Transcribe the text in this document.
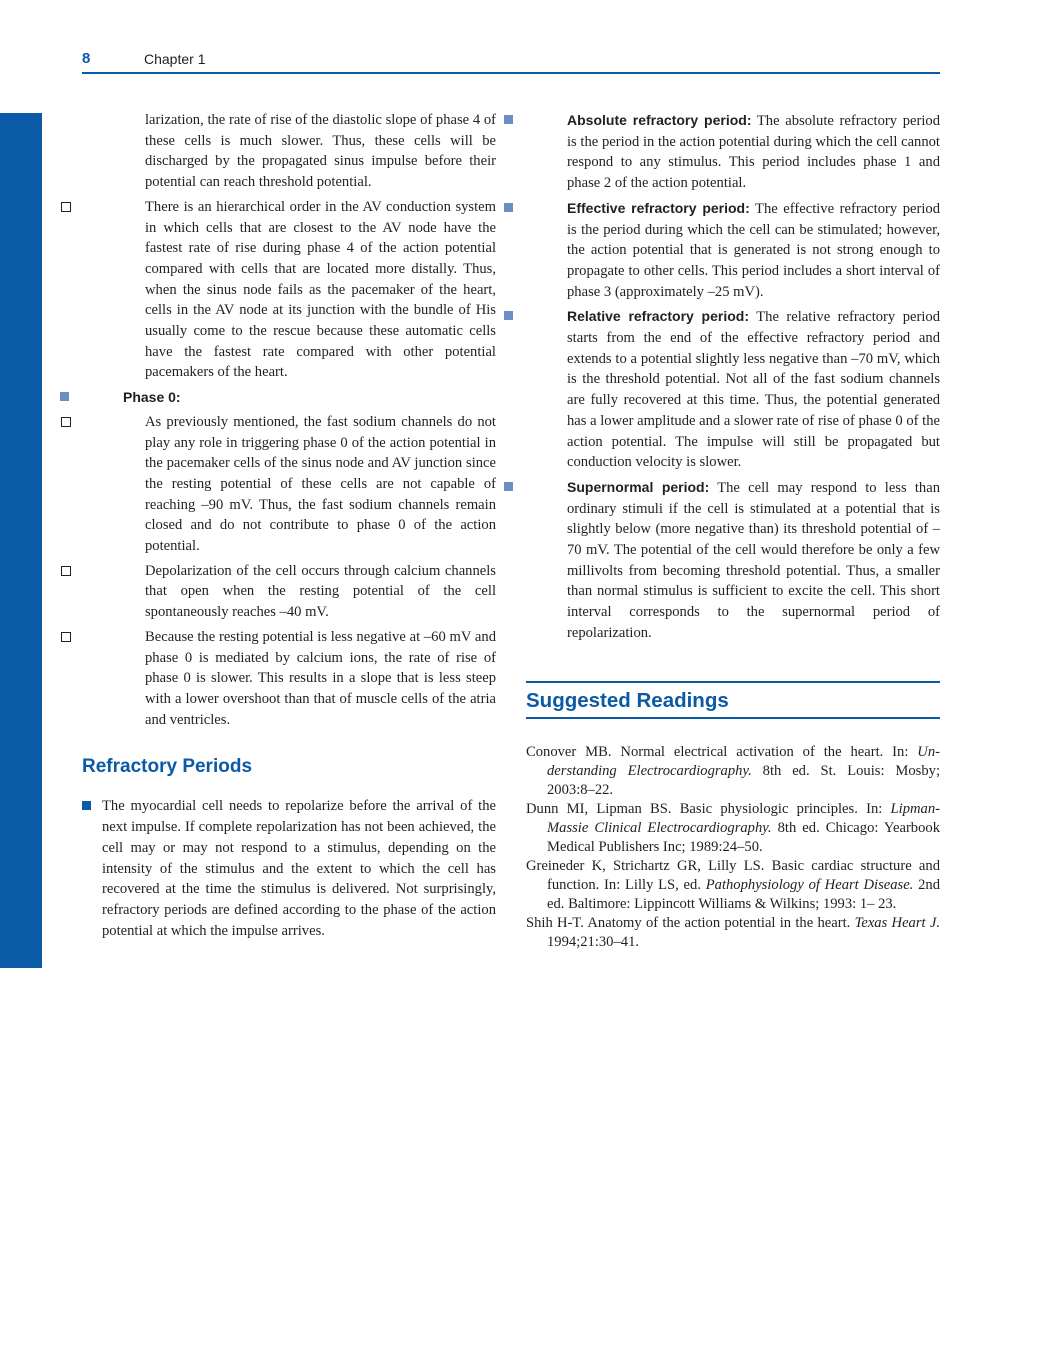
8	Chapter 1

larization, the rate of rise of the diastolic slope of phase 4 of these cells is much slower. Thus, these cells will be discharged by the propagated sinus impulse before their potential can reach threshold potential.

There is an hierarchical order in the AV conduction system in which cells that are closest to the AV node have the fastest rate of rise during phase 4 of the action potential compared with cells that are located more distally. Thus, when the sinus node fails as the pacemaker of the heart, cells in the AV node at its junction with the bundle of His usually come to the rescue because these automatic cells have the fastest rate compared with other potential pacemakers of the heart.

Phase 0:

As previously mentioned, the fast sodium channels do not play any role in triggering phase 0 of the action potential in the pacemaker cells of the sinus node and AV junction since the resting potential of these cells are not capable of reaching –90 mV. Thus, the fast sodium channels remain closed and do not contribute to phase 0 of the action potential.

Depolarization of the cell occurs through calcium channels that open when the resting potential of the cell spontaneously reaches –40 mV.

Because the resting potential is less negative at –60 mV and phase 0 is mediated by calcium ions, the rate of rise of phase 0 is slower. This results in a slope that is less steep with a lower overshoot than that of muscle cells of the atria and ventricles.

Refractory Periods

The myocardial cell needs to repolarize before the arrival of the next impulse. If complete repolarization has not been achieved, the cell may or may not respond to a stimulus, depending on the intensity of the stimulus and the extent to which the cell has recovered at the time the stimulus is delivered. Not surprisingly, refractory periods are defined according to the phase of the action potential at which the impulse arrives.

Absolute refractory period: The absolute refractory period is the period in the action potential during which the cell cannot respond to any stimulus. This period includes phase 1 and phase 2 of the action potential.

Effective refractory period: The effective refractory period is the period during which the cell can be stimulated; however, the action potential that is generated is not strong enough to propagate to other cells. This period includes a short interval of phase 3 (approximately –25 mV).

Relative refractory period: The relative refractory period starts from the end of the effective refractory period and extends to a potential slightly less negative than –70 mV, which is the threshold potential. Not all of the fast sodium channels are fully recovered at this time. Thus, the potential generated has a lower amplitude and a slower rate of rise of phase 0 of the action potential. The impulse will still be propagated but conduction velocity is slower.

Supernormal period: The cell may respond to less than ordinary stimuli if the cell is stimulated at a potential that is slightly below (more negative than) its threshold potential of –70 mV. The potential of the cell would therefore be only a few millivolts from becoming threshold potential. Thus, a smaller than normal stimulus is sufficient to excite the cell. This short interval corresponds to the supernormal period of repolarization.

Suggested Readings

Conover MB. Normal electrical activation of the heart. In: Understanding Electrocardiography. 8th ed. St. Louis: Mosby; 2003:8–22.

Dunn MI, Lipman BS. Basic physiologic principles. In: Lipman-Massie Clinical Electrocardiography. 8th ed. Chicago: Yearbook Medical Publishers Inc; 1989:24–50.

Greineder K, Strichartz GR, Lilly LS. Basic cardiac structure and function. In: Lilly LS, ed. Pathophysiology of Heart Disease. 2nd ed. Baltimore: Lippincott Williams & Wilkins; 1993: 1– 23.

Shih H-T. Anatomy of the action potential in the heart. Texas Heart J. 1994;21:30–41.
